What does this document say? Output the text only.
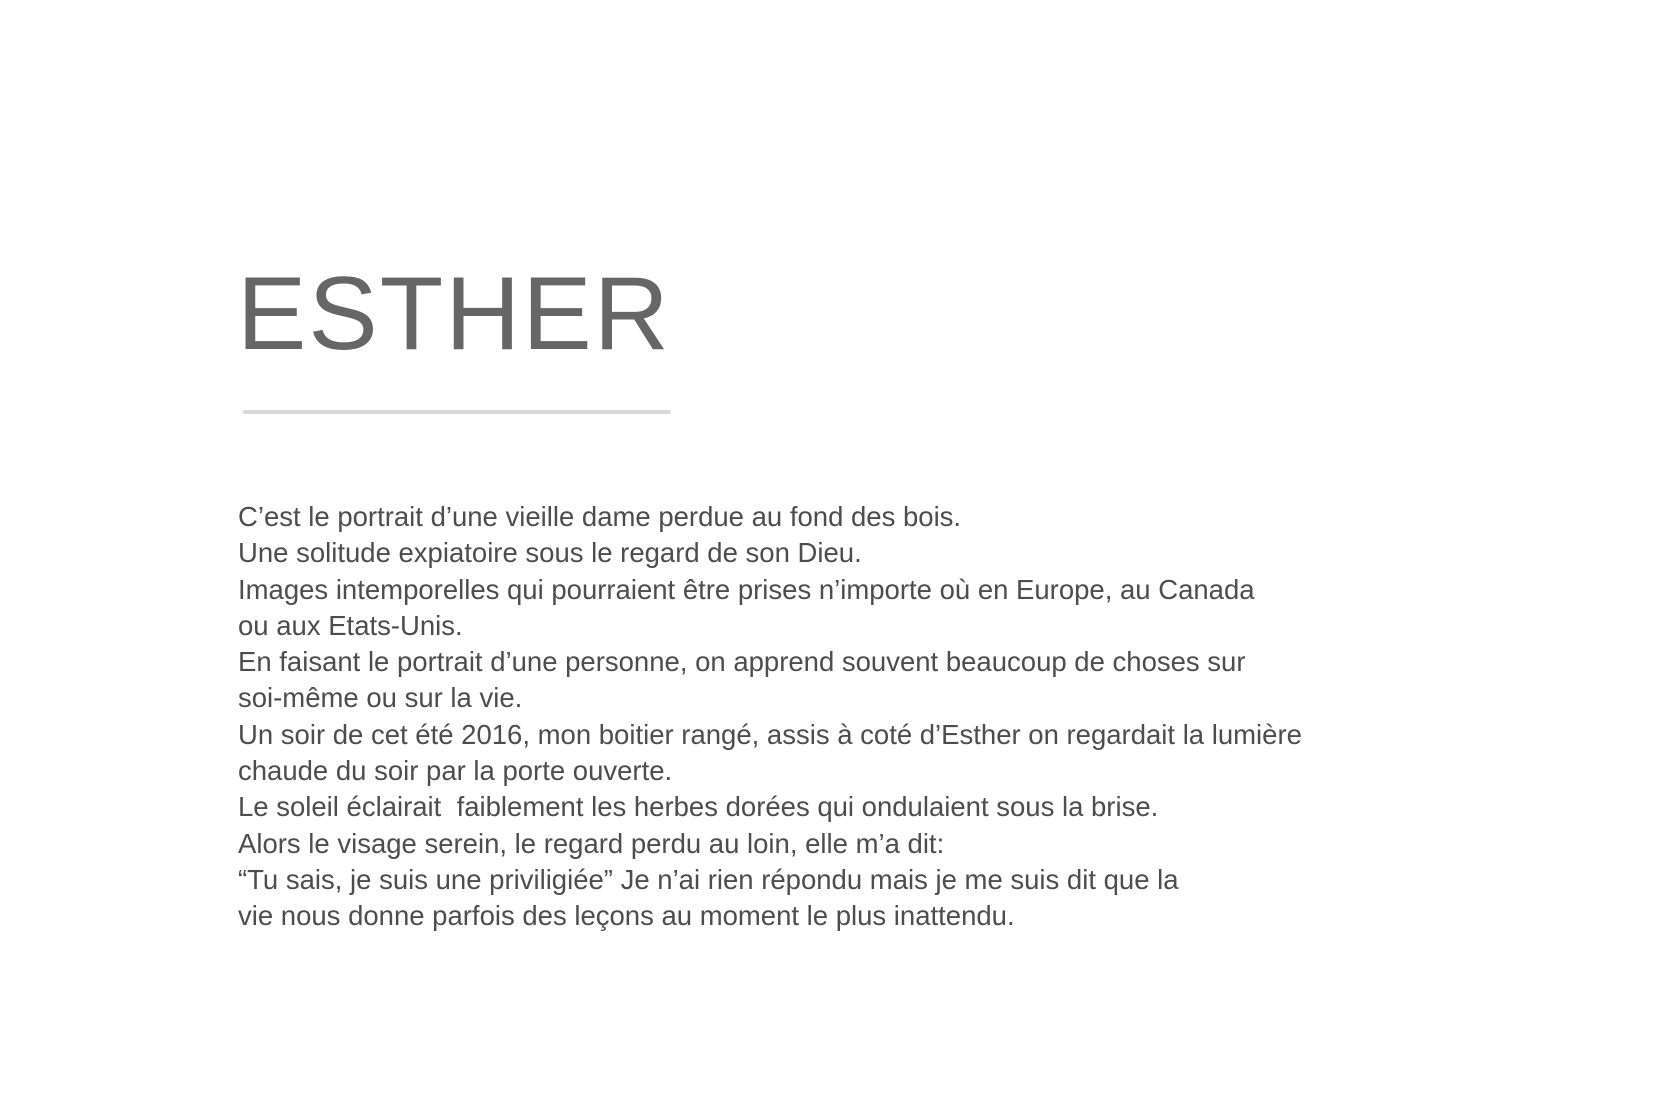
ESTHER
C’est le portrait d’une vieille dame perdue au fond des bois.
Une solitude expiatoire sous le regard de son Dieu.
Images intemporelles qui pourraient être prises n’importe où en Europe, au Canada
ou aux Etats-Unis.
En faisant le portrait d’une personne, on apprend souvent beaucoup de choses sur
soi-même ou sur la vie.
Un soir de cet été 2016, mon boitier rangé, assis à coté d’Esther on regardait la lumière
chaude du soir par la porte ouverte.
Le soleil éclairait  faiblement les herbes dorées qui ondulaient sous la brise.
Alors le visage serein, le regard perdu au loin, elle m’a dit:
“Tu sais, je suis une priviligiée” Je n’ai rien répondu mais je me suis dit que la
vie nous donne parfois des leçons au moment le plus inattendu.
